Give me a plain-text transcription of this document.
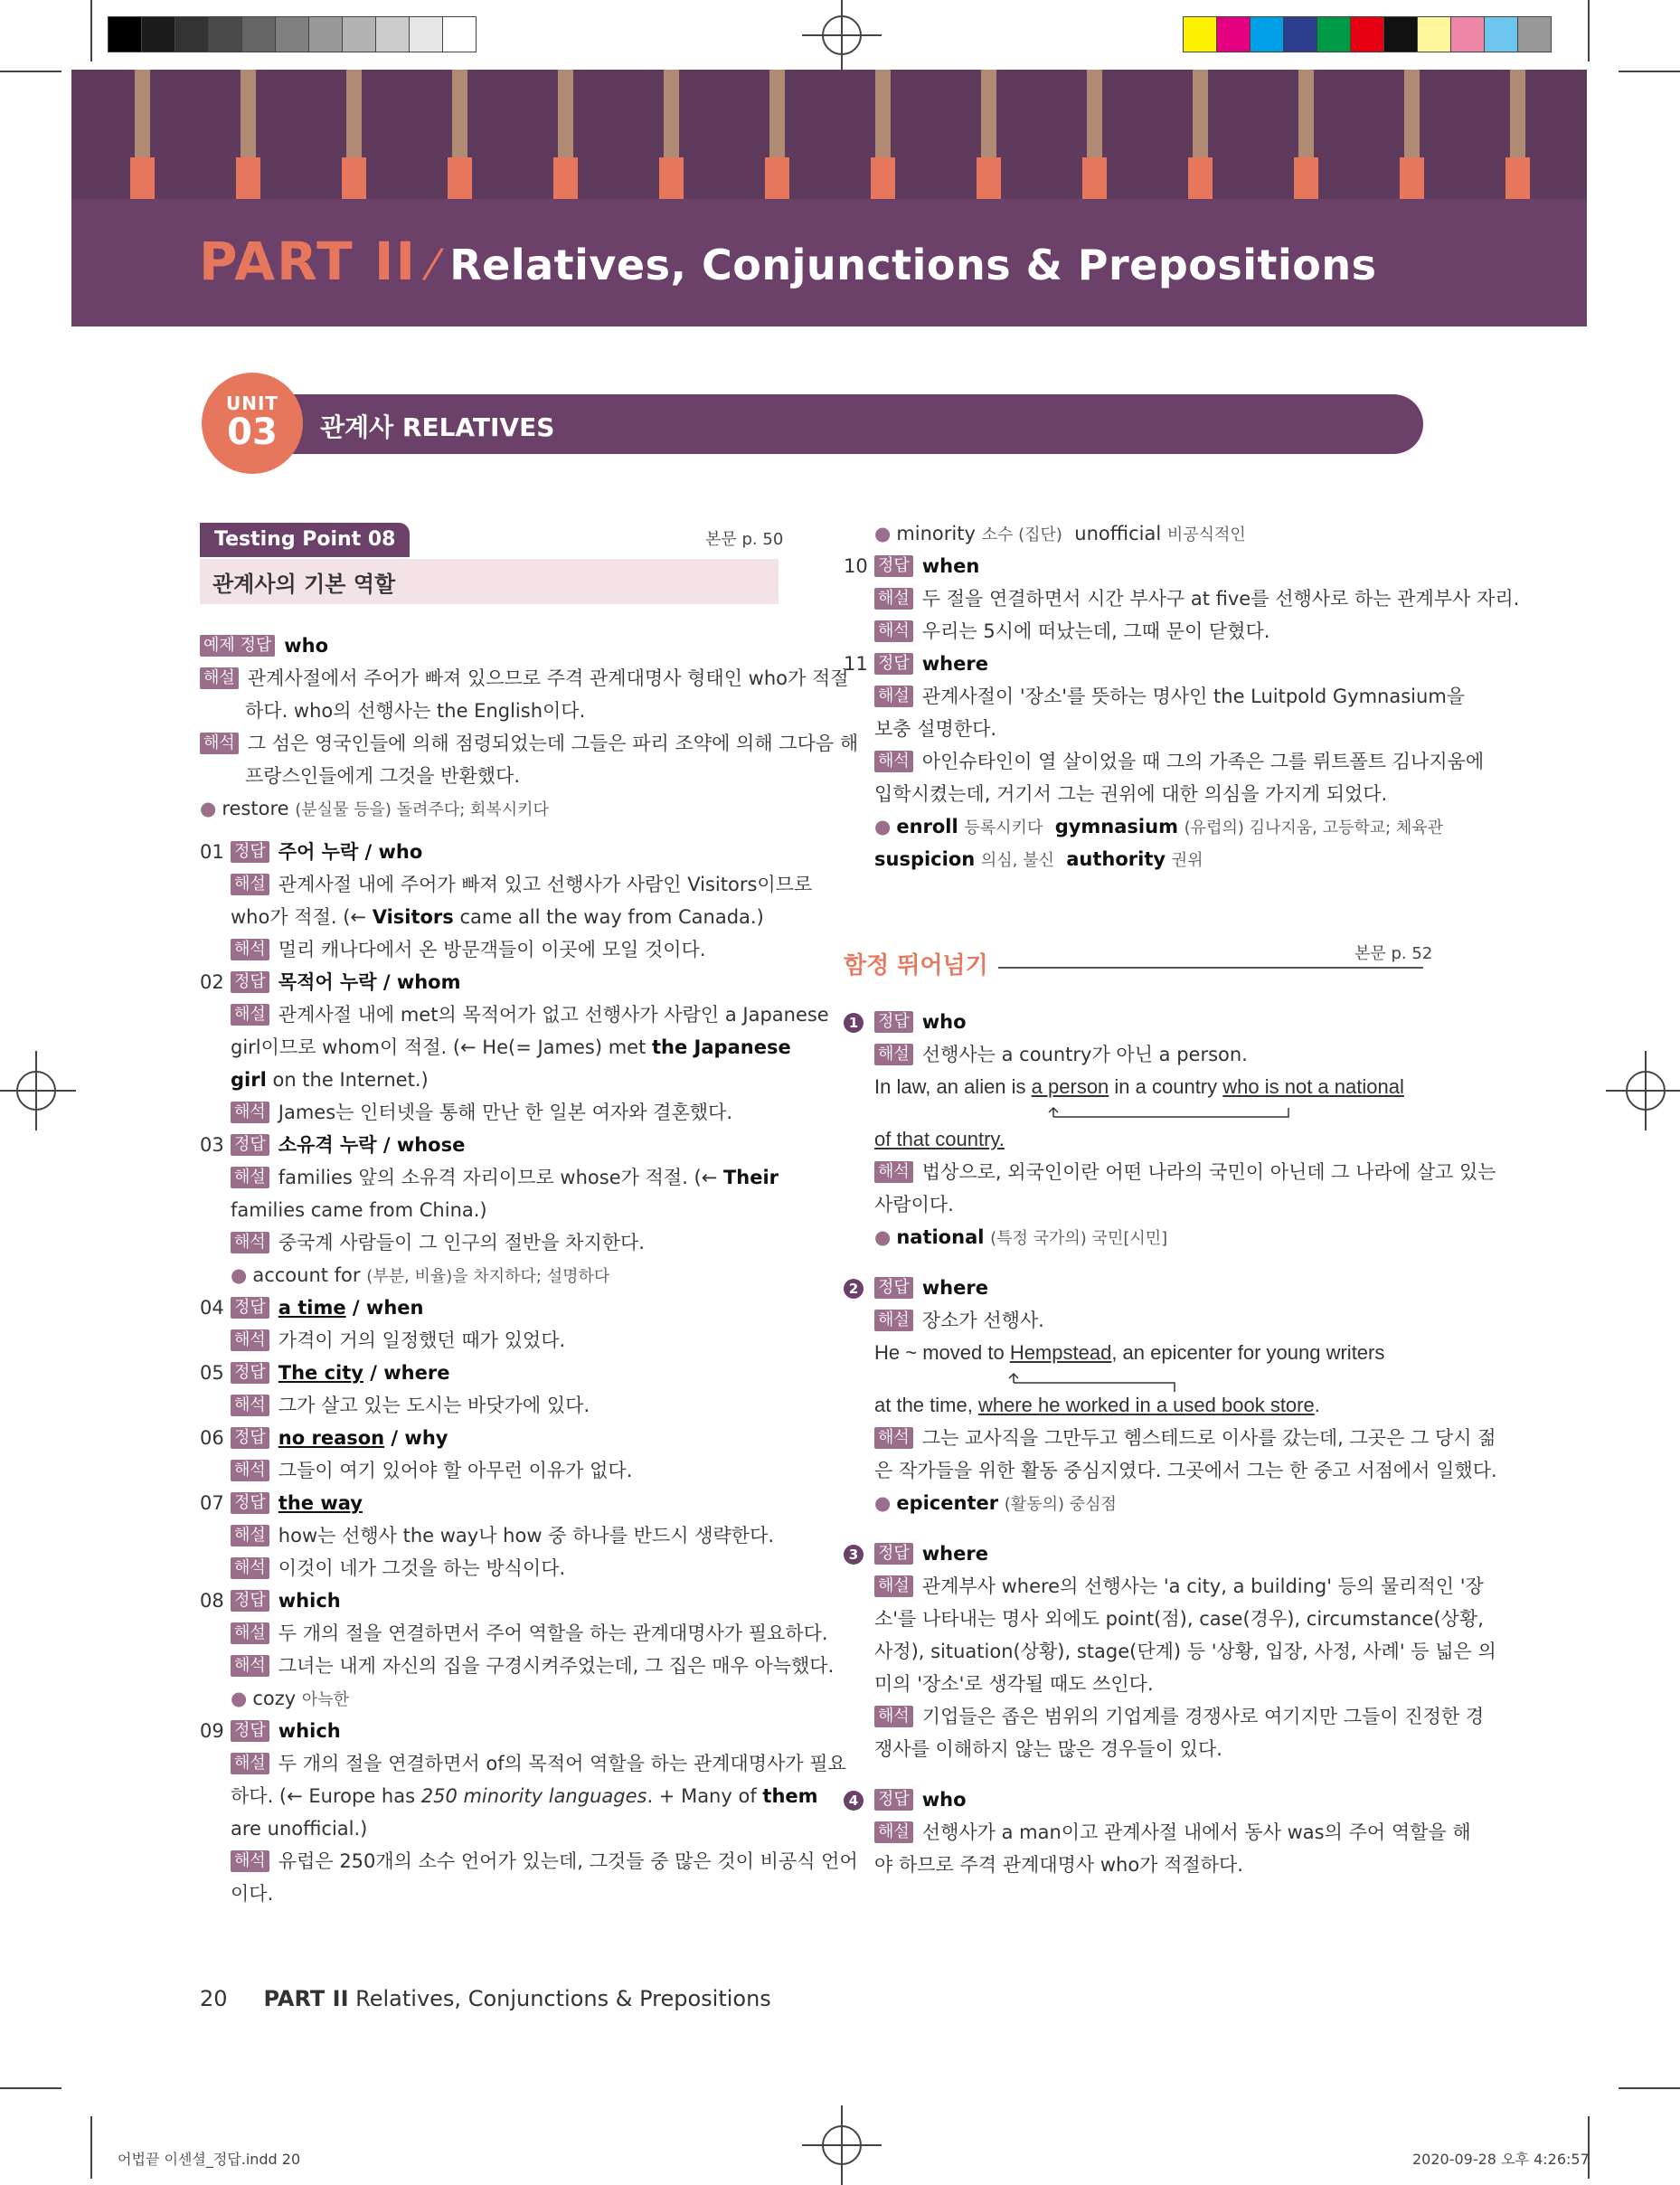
PART II ⁄ Relatives, Conjunctions & Prepositions
UNIT
03	관계사 RELATIVES
Testing Point 08	본문 p. 50
관계사의 기본 역할
예제 정답 who
해설 관계사절에서 주어가 빠져 있으므로 주격 관계대명사 형태인 who가 적절
하다. who의 선행사는 the English이다.
해석 그 섬은 영국인들에 의해 점령되었는데 그들은 파리 조약에 의해 그다음 해
프랑스인들에게 그것을 반환했다.
● restore (분실물 등을) 돌려주다; 회복시키다
01 정답 주어 누락 / who
해설 관계사절 내에 주어가 빠져 있고 선행사가 사람인 Visitors이므로
who가 적절. (← Visitors came all the way from Canada.)
해석 멀리 캐나다에서 온 방문객들이 이곳에 모일 것이다.
02 정답 목적어 누락 / whom
해설 관계사절 내에 met의 목적어가 없고 선행사가 사람인 a Japanese
girl이므로 whom이 적절. (← He(= James) met the Japanese
girl on the Internet.)
해석 James는 인터넷을 통해 만난 한 일본 여자와 결혼했다.
03 정답 소유격 누락 / whose
해설 families 앞의 소유격 자리이므로 whose가 적절. (← Their
families came from China.)
해석 중국계 사람들이 그 인구의 절반을 차지한다.
● account for (부분, 비율)을 차지하다; 설명하다
04 정답 a time / when
해석 가격이 거의 일정했던 때가 있었다.
05 정답 The city / where
해석 그가 살고 있는 도시는 바닷가에 있다.
06 정답 no reason / why
해석 그들이 여기 있어야 할 아무런 이유가 없다.
07 정답 the way
해설 how는 선행사 the way나 how 중 하나를 반드시 생략한다.
해석 이것이 네가 그것을 하는 방식이다.
08 정답 which
해설 두 개의 절을 연결하면서 주어 역할을 하는 관계대명사가 필요하다.
해석 그녀는 내게 자신의 집을 구경시켜주었는데, 그 집은 매우 아늑했다.
● cozy 아늑한
09 정답 which
해설 두 개의 절을 연결하면서 of의 목적어 역할을 하는 관계대명사가 필요
하다. (← Europe has 250 minority languages. + Many of them
are unofficial.)
해석 유럽은 250개의 소수 언어가 있는데, 그것들 중 많은 것이 비공식 언어
이다.
● minority 소수 (집단) unofficial 비공식적인
10 정답 when
해설 두 절을 연결하면서 시간 부사구 at five를 선행사로 하는 관계부사 자리.
해석 우리는 5시에 떠났는데, 그때 문이 닫혔다.
11 정답 where
해설 관계사절이 '장소'를 뜻하는 명사인 the Luitpold Gymnasium을
보충 설명한다.
해석 아인슈타인이 열 살이었을 때 그의 가족은 그를 뤼트폴트 김나지움에
입학시켰는데, 거기서 그는 권위에 대한 의심을 가지게 되었다.
● enroll 등록시키다 gymnasium (유럽의) 김나지움, 고등학교; 체육관
suspicion 의심, 불신 authority 권위
함정 뛰어넘기	본문 p. 52
1 정답 who
해설 선행사는 a country가 아닌 a person.
In law, an alien is a person in a country who is not a national
of that country.
해석 법상으로, 외국인이란 어떤 나라의 국민이 아닌데 그 나라에 살고 있는
사람이다.
● national (특정 국가의) 국민[시민]
2 정답 where
해설 장소가 선행사.
He ~ moved to Hempstead, an epicenter for young writers
at the time, where he worked in a used book store.
해석 그는 교사직을 그만두고 헴스테드로 이사를 갔는데, 그곳은 그 당시 젊
은 작가들을 위한 활동 중심지였다. 그곳에서 그는 한 중고 서점에서 일했다.
● epicenter (활동의) 중심점
3 정답 where
해설 관계부사 where의 선행사는 'a city, a building' 등의 물리적인 '장
소'를 나타내는 명사 외에도 point(점), case(경우), circumstance(상황,
사정), situation(상황), stage(단계) 등 '상황, 입장, 사정, 사례' 등 넓은 의
미의 '장소'로 생각될 때도 쓰인다.
해석 기업들은 좁은 범위의 기업계를 경쟁사로 여기지만 그들이 진정한 경
쟁사를 이해하지 않는 많은 경우들이 있다.
4 정답 who
해설 선행사가 a man이고 관계사절 내에서 동사 was의 주어 역할을 해
야 하므로 주격 관계대명사 who가 적절하다.
20 PART II Relatives, Conjunctions & Prepositions
어법끝 이센셜_정답.indd 20	2020-09-28 오후 4:26:57
